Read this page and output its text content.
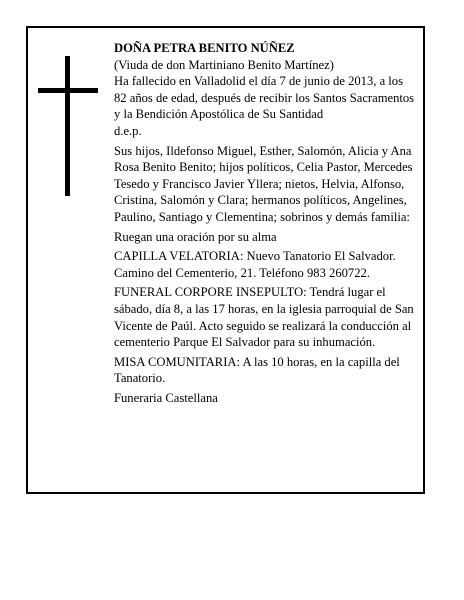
DOÑA PETRA BENITO NÚÑEZ

(Viuda de don Martiniano Benito Martínez)

Ha fallecido en Valladolid el día 7 de junio de 2013, a los 82 años de edad, después de recibir los Santos Sacramentos y la Bendición Apostólica de Su Santidad

d.e.p.

Sus hijos, Ildefonso Miguel, Esther, Salomón, Alicia y Ana Rosa Benito Benito; hijos políticos, Celia Pastor, Mercedes Tesedo y Francisco Javier Yllera; nietos, Helvia, Alfonso, Cristina, Salomón y Clara; hermanos políticos, Angelines, Paulino, Santiago y Clementina; sobrinos y demás familia:

Ruegan una oración por su alma

CAPILLA VELATORIA: Nuevo Tanatorio El Salvador. Camino del Cementerio, 21. Teléfono 983 260722.

FUNERAL CORPORE INSEPULTO: Tendrá lugar el sábado, día 8, a las 17 horas, en la iglesia parroquial de San Vicente de Paúl. Acto seguido se realizará la conducción al cementerio Parque El Salvador para su inhumación.

MISA COMUNITARIA: A las 10 horas, en la capilla del Tanatorio.

Funeraria Castellana
